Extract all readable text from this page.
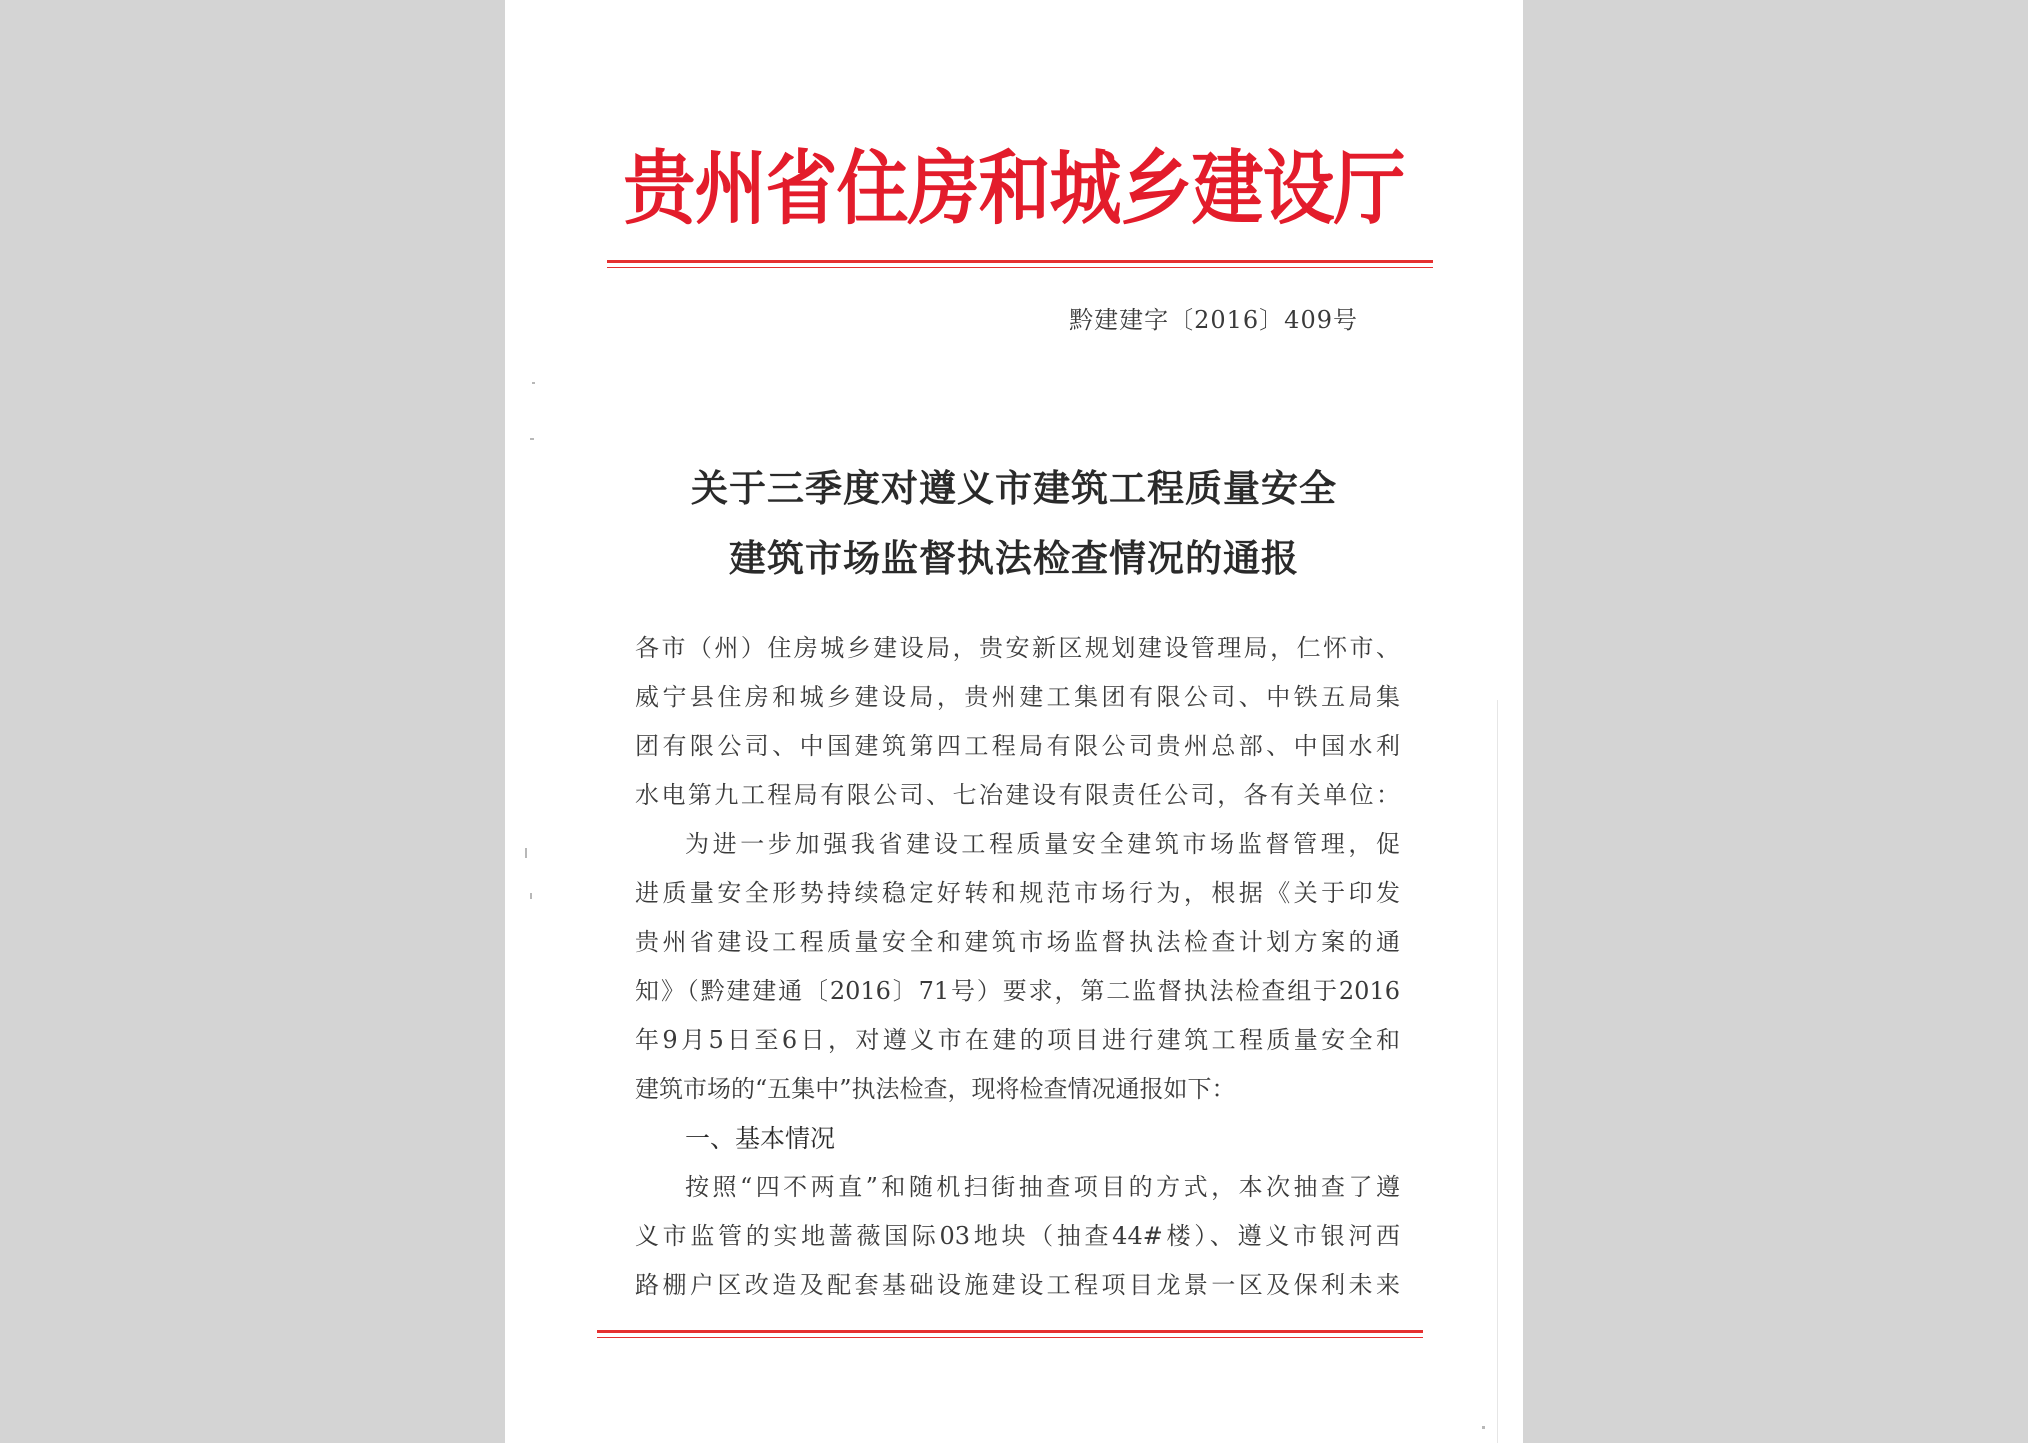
贵州省住房和城乡建设厅
黔建建字〔2016〕409号
关于三季度对遵义市建筑工程质量安全
建筑市场监督执法检查情况的通报
各市（州）住房城乡建设局，贵安新区规划建设管理局，仁怀市、
威宁县住房和城乡建设局，贵州建工集团有限公司、中铁五局集
团有限公司、中国建筑第四工程局有限公司贵州总部、中国水利
水电第九工程局有限公司、七冶建设有限责任公司，各有关单位：
为进一步加强我省建设工程质量安全建筑市场监督管理，促
进质量安全形势持续稳定好转和规范市场行为，根据《关于印发
贵州省建设工程质量安全和建筑市场监督执法检查计划方案的通
知》（黔建建通〔2016〕71号）要求，第二监督执法检查组于2016
年9月5日至6日，对遵义市在建的项目进行建筑工程质量安全和
建筑市场的“五集中”执法检查，现将检查情况通报如下：
一、基本情况
按照“四不两直”和随机扫街抽查项目的方式，本次抽查了遵
义市监管的实地蔷薇国际03地块（抽查44#楼）、遵义市银河西
路棚户区改造及配套基础设施建设工程项目龙景一区及保利未来
